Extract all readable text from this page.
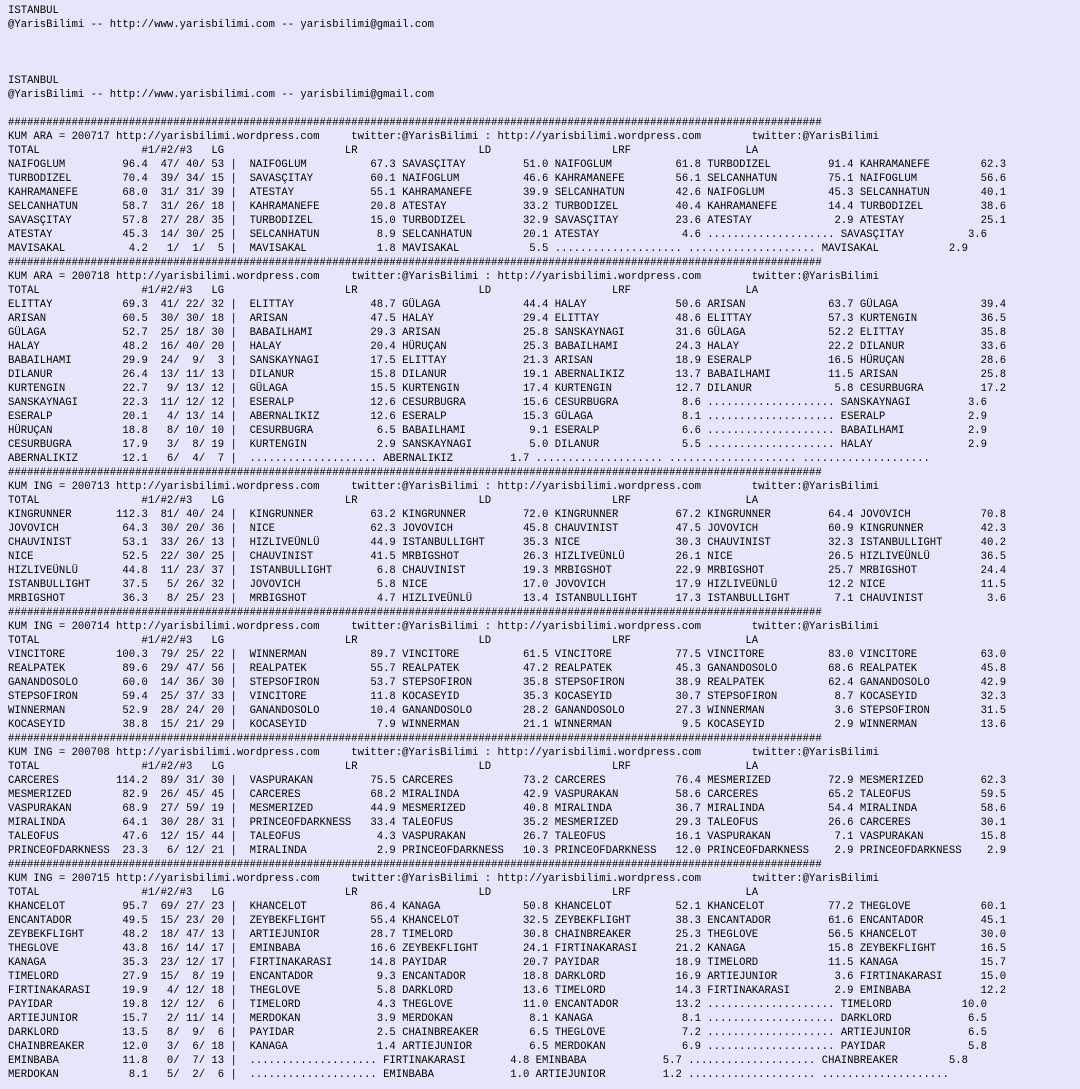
ISTANBUL
@YarisBilimi -- http://www.yarisbilimi.com -- yarisbilimi@gmail.com
ISTANBUL
@YarisBilimi -- http://www.yarisbilimi.com -- yarisbilimi@gmail.com
################################################################################################################################
KUM ARA = 200717 http://yarisbilimi.wordpress.com     twitter:@YarisBilimi : http://yarisbilimi.wordpress.com        twitter:@YarisBilimi
TOTAL                #1/#2/#3   LG                   LR                   LD                   LRF                  LA
NAIFOGLUM         96.4  47/ 40/ 53 |  NAIFOGLUM          67.3 SAVASÇITAY         51.0 NAIFOGLUM          61.8 TURBODIZEL         91.4 KAHRAMANEFE        62.3
TURBODIZEL        70.4  39/ 34/ 15 |  SAVASÇITAY         60.1 NAIFOGLUM          46.6 KAHRAMANEFE        56.1 SELCANHATUN        75.1 NAIFOGLUM          56.6
KAHRAMANEFE       68.0  31/ 31/ 39 |  ATESTAY            55.1 KAHRAMANEFE        39.9 SELCANHATUN        42.6 NAIFOGLUM          45.3 SELCANHATUN        40.1
SELCANHATUN       58.7  31/ 26/ 18 |  KAHRAMANEFE        20.8 ATESTAY            33.2 TURBODIZEL         40.4 KAHRAMANEFE        14.4 TURBODIZEL         38.6
SAVASÇITAY        57.8  27/ 28/ 35 |  TURBODIZEL         15.0 TURBODIZEL         32.9 SAVASÇITAY         23.6 ATESTAY             2.9 ATESTAY            25.1
ATESTAY           45.3  14/ 30/ 25 |  SELCANHATUN         8.9 SELCANHATUN        20.1 ATESTAY             4.6 .................... SAVASÇITAY          3.6
MAVISAKAL          4.2   1/  1/  5 |  MAVISAKAL           1.8 MAVISAKAL           5.5 .................... .................... MAVISAKAL           2.9
################################################################################################################################
KUM ARA = 200718 http://yarisbilimi.wordpress.com     twitter:@YarisBilimi : http://yarisbilimi.wordpress.com        twitter:@YarisBilimi
TOTAL                #1/#2/#3   LG                   LR                   LD                   LRF                  LA
ELITTAY           69.3  41/ 22/ 32 |  ELITTAY            48.7 GÜLAGA             44.4 HALAY              50.6 ARISAN             63.7 GÜLAGA             39.4
ARISAN            60.5  30/ 30/ 18 |  ARISAN             47.5 HALAY              29.4 ELITTAY            48.6 ELITTAY            57.3 KURTENGIN          36.5
GÜLAGA            52.7  25/ 18/ 30 |  BABAILHAMI         29.3 ARISAN             25.8 SANSKAYNAGI        31.6 GÜLAGA             52.2 ELITTAY            35.8
HALAY             48.2  16/ 40/ 20 |  HALAY              20.4 HÜRUÇAN            25.3 BABAILHAMI         24.3 HALAY              22.2 DILANUR            33.6
BABAILHAMI        29.9  24/  9/  3 |  SANSKAYNAGI        17.5 ELITTAY            21.3 ARISAN             18.9 ESERALP            16.5 HÜRUÇAN            28.6
DILANUR           26.4  13/ 11/ 13 |  DILANUR            15.8 DILANUR            19.1 ABERNALIKIZ        13.7 BABAILHAMI         11.5 ARISAN             25.8
KURTENGIN         22.7   9/ 13/ 12 |  GÜLAGA             15.5 KURTENGIN          17.4 KURTENGIN          12.7 DILANUR             5.8 CESURBUGRA         17.2
SANSKAYNAGI       22.3  11/ 12/ 12 |  ESERALP            12.6 CESURBUGRA         15.6 CESURBUGRA          8.6 .................... SANSKAYNAGI         3.6
ESERALP           20.1   4/ 13/ 14 |  ABERNALIKIZ        12.6 ESERALP            15.3 GÜLAGA              8.1 .................... ESERALP             2.9
HÜRUÇAN           18.8   8/ 10/ 10 |  CESURBUGRA          6.5 BABAILHAMI          9.1 ESERALP             6.6 .................... BABAILHAMI          2.9
CESURBUGRA        17.9   3/  8/ 19 |  KURTENGIN           2.9 SANSKAYNAGI         5.0 DILANUR             5.5 .................... HALAY               2.9
ABERNALIKIZ       12.1   6/  4/  7 |  .................... ABERNALIKIZ         1.7 .................... .................... ....................
################################################################################################################################
KUM ING = 200713 http://yarisbilimi.wordpress.com     twitter:@YarisBilimi : http://yarisbilimi.wordpress.com        twitter:@YarisBilimi
TOTAL                #1/#2/#3   LG                   LR                   LD                   LRF                  LA
KINGRUNNER       112.3  81/ 40/ 24 |  KINGRUNNER         63.2 KINGRUNNER         72.0 KINGRUNNER         67.2 KINGRUNNER         64.4 JOVOVICH           70.8
JOVOVICH          64.3  30/ 20/ 36 |  NICE               62.3 JOVOVICH           45.8 CHAUVINIST         47.5 JOVOVICH           60.9 KINGRUNNER         42.3
CHAUVINIST        53.1  33/ 26/ 13 |  HIZLIVEÜNLÜ        44.9 ISTANBULLIGHT      35.3 NICE               30.3 CHAUVINIST         32.3 ISTANBULLIGHT      40.2
NICE              52.5  22/ 30/ 25 |  CHAUVINIST         41.5 MRBIGSHOT          26.3 HIZLIVEÜNLÜ        26.1 NICE               26.5 HIZLIVEÜNLÜ        36.5
HIZLIVEÜNLÜ       44.8  11/ 23/ 37 |  ISTANBULLIGHT       6.8 CHAUVINIST         19.3 MRBIGSHOT          22.9 MRBIGSHOT          25.7 MRBIGSHOT          24.4
ISTANBULLIGHT     37.5   5/ 26/ 32 |  JOVOVICH            5.8 NICE               17.0 JOVOVICH           17.9 HIZLIVEÜNLÜ        12.2 NICE               11.5
MRBIGSHOT         36.3   8/ 25/ 23 |  MRBIGSHOT           4.7 HIZLIVEÜNLÜ        13.4 ISTANBULLIGHT      17.3 ISTANBULLIGHT       7.1 CHAUVINIST          3.6
################################################################################################################################
KUM ING = 200714 http://yarisbilimi.wordpress.com     twitter:@YarisBilimi : http://yarisbilimi.wordpress.com        twitter:@YarisBilimi
TOTAL                #1/#2/#3   LG                   LR                   LD                   LRF                  LA
VINCITORE        100.3  79/ 25/ 22 |  WINNERMAN          89.7 VINCITORE          61.5 VINCITORE          77.5 VINCITORE          83.0 VINCITORE          63.0
REALPATEK         89.6  29/ 47/ 56 |  REALPATEK          55.7 REALPATEK          47.2 REALPATEK          45.3 GANANDOSOLO        68.6 REALPATEK          45.8
GANANDOSOLO       60.0  14/ 36/ 30 |  STEPSOFIRON        53.7 STEPSOFIRON        35.8 STEPSOFIRON        38.9 REALPATEK          62.4 GANANDOSOLO        42.9
STEPSOFIRON       59.4  25/ 37/ 33 |  VINCITORE          11.8 KOCASEYID          35.3 KOCASEYID          30.7 STEPSOFIRON         8.7 KOCASEYID          32.3
WINNERMAN         52.9  28/ 24/ 20 |  GANANDOSOLO        10.4 GANANDOSOLO        28.2 GANANDOSOLO        27.3 WINNERMAN           3.6 STEPSOFIRON        31.5
KOCASEYID         38.8  15/ 21/ 29 |  KOCASEYID           7.9 WINNERMAN          21.1 WINNERMAN           9.5 KOCASEYID           2.9 WINNERMAN          13.6
################################################################################################################################
KUM ING = 200708 http://yarisbilimi.wordpress.com     twitter:@YarisBilimi : http://yarisbilimi.wordpress.com        twitter:@YarisBilimi
TOTAL                #1/#2/#3   LG                   LR                   LD                   LRF                  LA
CARCERES         114.2  89/ 31/ 30 |  VASPURAKAN         75.5 CARCERES           73.2 CARCERES           76.4 MESMERIZED         72.9 MESMERIZED         62.3
MESMERIZED        82.9  26/ 45/ 45 |  CARCERES           68.2 MIRALINDA          42.9 VASPURAKAN         58.6 CARCERES           65.2 TALEOFUS           59.5
VASPURAKAN        68.9  27/ 59/ 19 |  MESMERIZED         44.9 MESMERIZED         40.8 MIRALINDA          36.7 MIRALINDA          54.4 MIRALINDA          58.6
MIRALINDA         64.1  30/ 28/ 31 |  PRINCEOFDARKNESS   33.4 TALEOFUS           35.2 MESMERIZED         29.3 TALEOFUS           26.6 CARCERES           30.1
TALEOFUS          47.6  12/ 15/ 44 |  TALEOFUS            4.3 VASPURAKAN         26.7 TALEOFUS           16.1 VASPURAKAN          7.1 VASPURAKAN         15.8
PRINCEOFDARKNESS  23.3   6/ 12/ 21 |  MIRALINDA           2.9 PRINCEOFDARKNESS   10.3 PRINCEOFDARKNESS   12.0 PRINCEOFDARKNESS    2.9 PRINCEOFDARKNESS    2.9
################################################################################################################################
KUM ING = 200715 http://yarisbilimi.wordpress.com     twitter:@YarisBilimi : http://yarisbilimi.wordpress.com        twitter:@YarisBilimi
TOTAL                #1/#2/#3   LG                   LR                   LD                   LRF                  LA
KHANCELOT         95.7  69/ 27/ 23 |  KHANCELOT          86.4 KANAGA             50.8 KHANCELOT          52.1 KHANCELOT          77.2 THEGLOVE           60.1
ENCANTADOR        49.5  15/ 23/ 20 |  ZEYBEKFLIGHT       55.4 KHANCELOT          32.5 ZEYBEKFLIGHT       38.3 ENCANTADOR         61.6 ENCANTADOR         45.1
ZEYBEKFLIGHT      48.2  18/ 47/ 13 |  ARTIEJUNIOR        28.7 TIMELORD           30.8 CHAINBREAKER       25.3 THEGLOVE           56.5 KHANCELOT          30.0
THEGLOVE          43.8  16/ 14/ 17 |  EMINBABA           16.6 ZEYBEKFLIGHT       24.1 FIRTINAKARASI      21.2 KANAGA             15.8 ZEYBEKFLIGHT       16.5
KANAGA            35.3  23/ 12/ 17 |  FIRTINAKARASI      14.8 PAYIDAR            20.7 PAYIDAR            18.9 TIMELORD           11.5 KANAGA             15.7
TIMELORD          27.9  15/  8/ 19 |  ENCANTADOR          9.3 ENCANTADOR         18.8 DARKLORD           16.9 ARTIEJUNIOR         3.6 FIRTINAKARASI      15.0
FIRTINAKARASI     19.9   4/ 12/ 18 |  THEGLOVE            5.8 DARKLORD           13.6 TIMELORD           14.3 FIRTINAKARASI       2.9 EMINBABA           12.2
PAYIDAR           19.8  12/ 12/  6 |  TIMELORD            4.3 THEGLOVE           11.0 ENCANTADOR         13.2 .................... TIMELORD           10.0
ARTIEJUNIOR       15.7   2/ 11/ 14 |  MERDOKAN            3.9 MERDOKAN            8.1 KANAGA              8.1 .................... DARKLORD            6.5
DARKLORD          13.5   8/  9/  6 |  PAYIDAR             2.5 CHAINBREAKER        6.5 THEGLOVE            7.2 .................... ARTIEJUNIOR         6.5
CHAINBREAKER      12.0   3/  6/ 18 |  KANAGA              1.4 ARTIEJUNIOR         6.5 MERDOKAN            6.9 .................... PAYIDAR             5.8
EMINBABA          11.8   0/  7/ 13 |  .................... FIRTINAKARASI       4.8 EMINBABA            5.7 .................... CHAINBREAKER        5.8
MERDOKAN           8.1   5/  2/  6 |  .................... EMINBABA            1.0 ARTIEJUNIOR         1.2 .................... ....................
